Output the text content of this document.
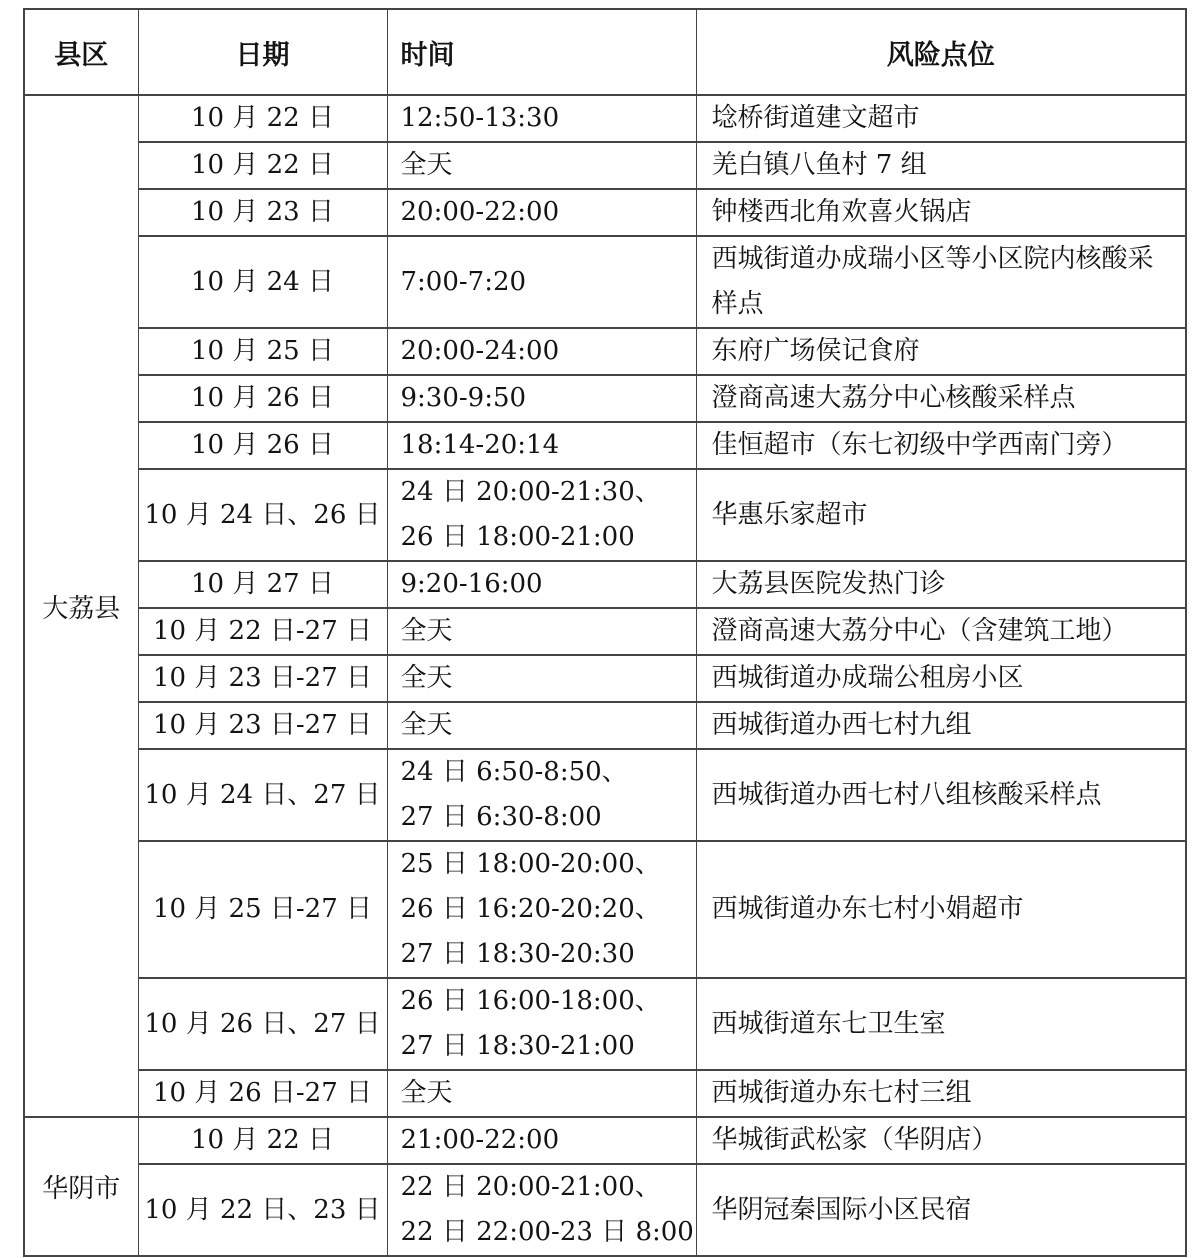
县区	日期	时间	风险点位

大荔县	10 月 22 日	12:50-13:30	埝桥街道建文超市

	10 月 22 日	全天	羌白镇八鱼村 7 组

	10 月 23 日	20:00-22:00	钟楼西北角欢喜火锅店

	10 月 24 日	7:00-7:20	西城街道办成瑞小区等小区院内核酸采样点

	10 月 25 日	20:00-24:00	东府广场侯记食府

	10 月 26 日	9:30-9:50	澄商高速大荔分中心核酸采样点

	10 月 26 日	18:14-20:14	佳恒超市（东七初级中学西南门旁）

	10 月 24 日、26 日	24 日 20:00-21:30、
26 日 18:00-21:00	华惠乐家超市

	10 月 27 日	9:20-16:00	大荔县医院发热门诊

	10 月 22 日-27 日	全天	澄商高速大荔分中心（含建筑工地）

	10 月 23 日-27 日	全天	西城街道办成瑞公租房小区

	10 月 23 日-27 日	全天	西城街道办西七村九组

	10 月 24 日、27 日	24 日 6:50-8:50、
27 日 6:30-8:00	西城街道办西七村八组核酸采样点

	10 月 25 日-27 日	25 日 18:00-20:00、
26 日 16:20-20:20、
27 日 18:30-20:30	西城街道办东七村小娟超市

	10 月 26 日、27 日	26 日 16:00-18:00、
27 日 18:30-21:00	西城街道东七卫生室

	10 月 26 日-27 日	全天	西城街道办东七村三组

华阴市	10 月 22 日	21:00-22:00	华城街武松家（华阴店）

	10 月 22 日、23 日	22 日 20:00-21:00、
22 日 22:00-23 日 8:00	华阴冠秦国际小区民宿
